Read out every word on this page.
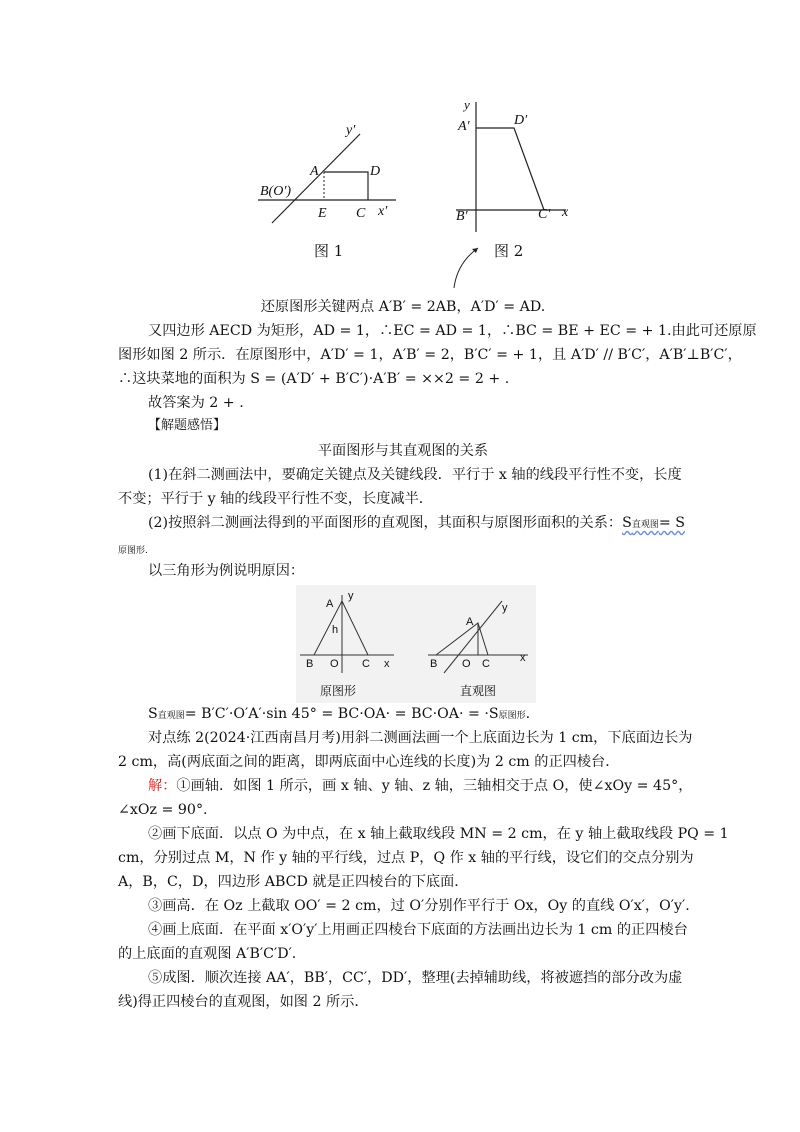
y′
A	D
B(O′)
E C x′
图 1
y
A′	D′
B′	C′ x
图 2
还原图形关键两点 A′B′ = 2AB，A′D′ = AD.
又四边形 AECD 为矩形，AD = 1，∴EC = AD = 1，∴BC = BE + EC = + 1.由此可还原原
图形如图 2 所示．在原图形中，A′D′ = 1，A′B′ = 2，B′C′ = + 1，且 A′D′ // B′C′，A′B′⊥B′C′，
∴这块菜地的面积为 S = (A′D′ + B′C′)·A′B′ = ××2 = 2 + .
故答案为 2 + .
【解题感悟】
平面图形与其直观图的关系
(1)在斜二测画法中，要确定关键点及关键线段．平行于 x 轴的线段平行性不变，长度
不变；平行于 y 轴的线段平行性不变，长度减半．
(2)按照斜二测画法得到的平面图形的直观图，其面积与原图形面积的关系：S直观图= S
原图形.
以三角形为例说明原因：
A
y
h
B O C x
y
A
B O C	x
原图形	直观图
S直观图= B′C′·O′A′·sin 45° = BC·OA· = BC·OA· = ·S原图形.
对点练 2(2024·江西南昌月考)用斜二测画法画一个上底面边长为 1 cm，下底面边长为
2 cm，高(两底面之间的距离，即两底面中心连线的长度)为 2 cm 的正四棱台．
解：①画轴．如图 1 所示，画 x 轴、y 轴、z 轴，三轴相交于点 O，使∠xOy = 45°，
∠xOz = 90°.
②画下底面．以点 O 为中点，在 x 轴上截取线段 MN = 2 cm，在 y 轴上截取线段 PQ = 1
cm，分别过点 M，N 作 y 轴的平行线，过点 P，Q 作 x 轴的平行线，设它们的交点分别为
A，B，C，D，四边形 ABCD 就是正四棱台的下底面．
③画高．在 Oz 上截取 OO′ = 2 cm，过 O′分别作平行于 Ox，Oy 的直线 O′x′，O′y′.
④画上底面．在平面 x′O′y′上用画正四棱台下底面的方法画出边长为 1 cm 的正四棱台
的上底面的直观图 A′B′C′D′.
⑤成图．顺次连接 AA′，BB′，CC′，DD′，整理(去掉辅助线，将被遮挡的部分改为虚
线)得正四棱台的直观图，如图 2 所示．
